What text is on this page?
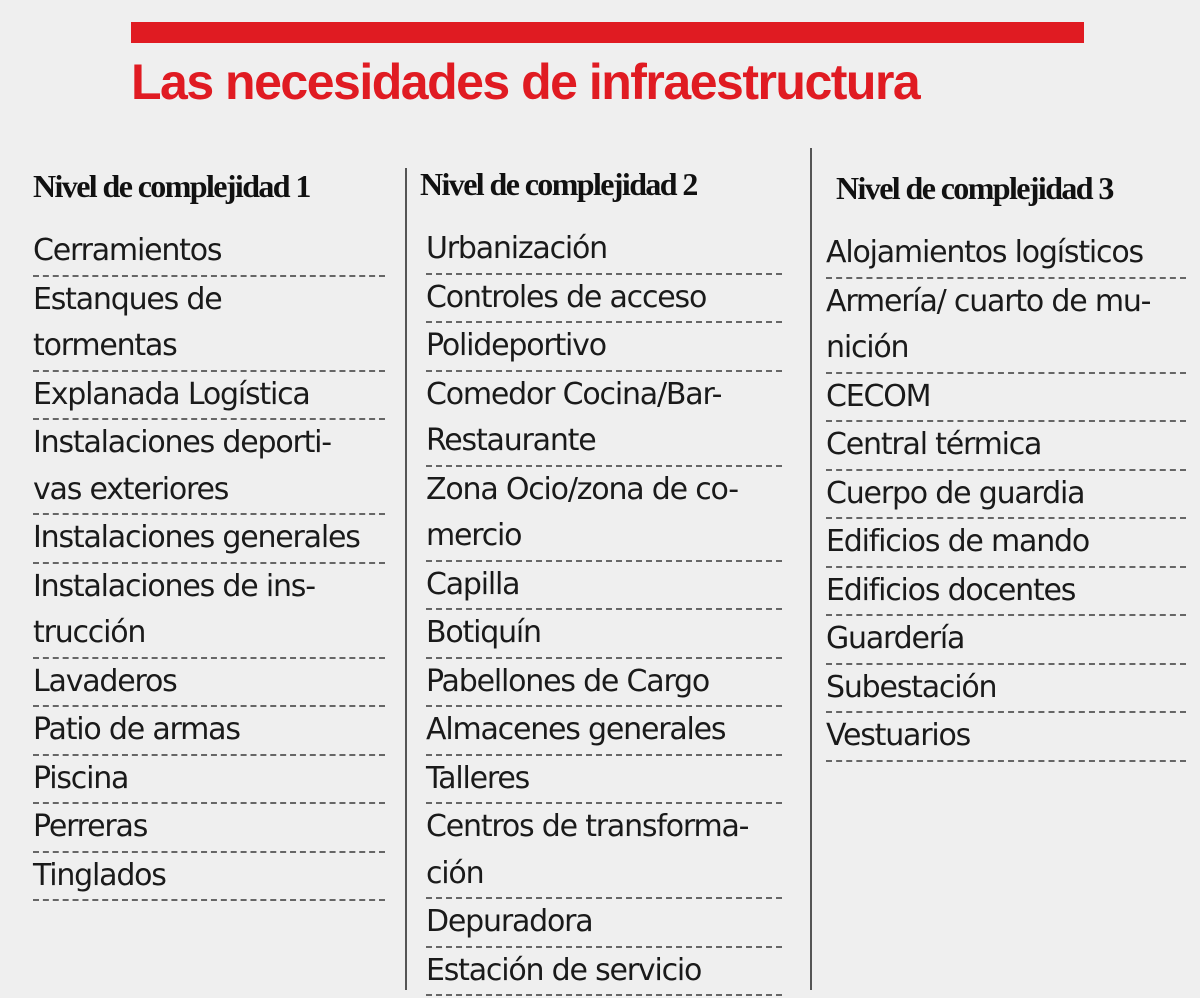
Las necesidades de infraestructura
Nivel de complejidad 1
Cerramientos
Estanques de
tormentas
Explanada Logística
Instalaciones deporti-
vas exteriores
Instalaciones generales
Instalaciones de ins-
trucción
Lavaderos
Patio de armas
Piscina
Perreras
Tinglados
Nivel de complejidad 2
Urbanización
Controles de acceso
Polideportivo
Comedor Cocina/Bar-
Restaurante
Zona Ocio/zona de co-
mercio
Capilla
Botiquín
Pabellones de Cargo
Almacenes generales
Talleres
Centros de transforma-
ción
Depuradora
Estación de servicio
Nivel de complejidad 3
Alojamientos logísticos
Armería/ cuarto de mu-
nición
CECOM
Central térmica
Cuerpo de guardia
Edificios de mando
Edificios docentes
Guardería
Subestación
Vestuarios
